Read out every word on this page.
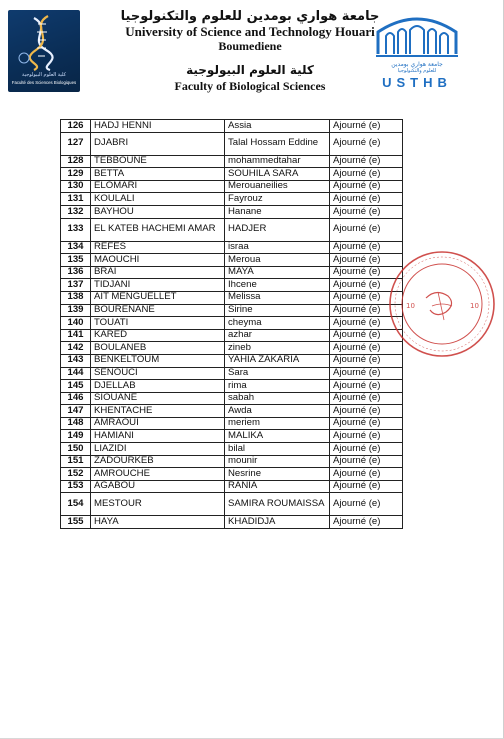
كلية العلوم البيولوجية
Faculté des Sciences Biologiques
جامعة هواري بومدين للعلوم والتكنولوجيا
University of Science and Technology Houari
Boumediene
كلية العلوم البيولوجية
Faculty of Biological Sciences
جامعة هواري بومدين
للعلوم والتكنولوجيا
USTHB
126	HADJ HENNI	Assia	Ajourné (e)
127	DJABRI	Talal Hossam Eddine	Ajourné (e)
128	TEBBOUNE	mohammedtahar	Ajourné (e)
129	BETTA	SOUHILA SARA	Ajourné (e)
130	ELOMARI	Merouaneilies	Ajourné (e)
131	KOULALI	Fayrouz	Ajourné (e)
132	BAYHOU	Hanane	Ajourné (e)
133	EL KATEB HACHEMI AMAR	HADJER	Ajourné (e)
134	REFES	israa	Ajourné (e)
135	MAOUCHI	Meroua	Ajourné (e)
136	BRAI	MAYA	Ajourné (e)
137	TIDJANI	Ihcene	Ajourné (e)
138	AIT MENGUELLET	Melissa	Ajourné (e)
139	BOURENANE	Sirine	Ajourné (e)
140	TOUATI	cheyma	Ajourné (e)
141	KARED	azhar	Ajourné (e)
142	BOULANEB	zineb	Ajourné (e)
143	BENKELTOUM	YAHIA ZAKARIA	Ajourné (e)
144	SENOUCI	Sara	Ajourné (e)
145	DJELLAB	rima	Ajourné (e)
146	SIOUANE	sabah	Ajourné (e)
147	KHENTACHE	Awda	Ajourné (e)
148	AMRAOUI	meriem	Ajourné (e)
149	HAMIANI	MALIKA	Ajourné (e)
150	LIAZIDI	bilal	Ajourné (e)
151	ZADOURKEB	mounir	Ajourné (e)
152	AMROUCHE	Nesrine	Ajourné (e)
153	AGABOU	RANIA	Ajourné (e)
154	MESTOUR	SAMIRA ROUMAISSA	Ajourné (e)
155	HAYA	KHADIDJA	Ajourné (e)
10	10
